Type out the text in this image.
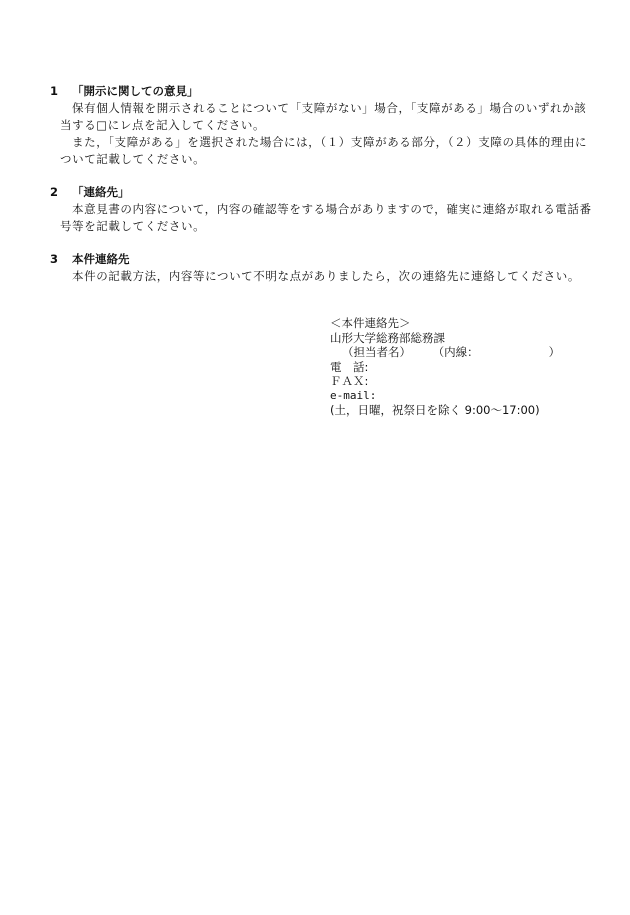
1	「開示に関しての意見」

保有個人情報を開示されることについて「支障がない」場合，「支障がある」場合のいずれか該当する□にレ点を記入してください。

また，「支障がある」を選択された場合には，（１）支障がある部分，（２）支障の具体的理由について記載してください。

2	「連絡先」

本意見書の内容について，内容の確認等をする場合がありますので，確実に連絡が取れる電話番号等を記載してください。

3	本件連絡先

本件の記載方法，内容等について不明な点がありましたら，次の連絡先に連絡してください。

＜本件連絡先＞
山形大学総務部総務課
（担当者名） （内線：	）
電　話:
ＦＡＸ:
e-mail:
(土，日曜，祝祭日を除く 9:00～17:00)
